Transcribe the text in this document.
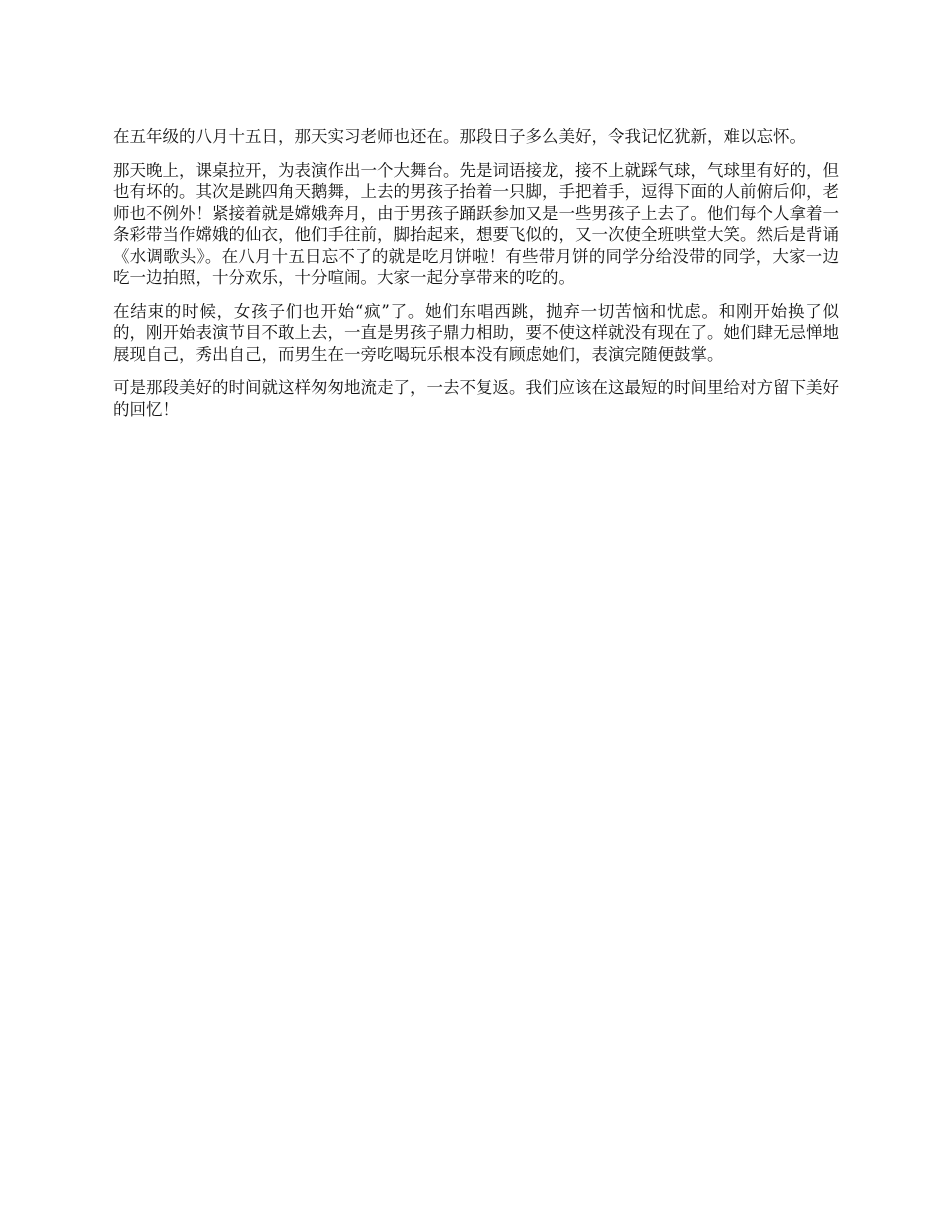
在五年级的八月十五日，那天实习老师也还在。那段日子多么美好，令我记忆犹新，难以忘怀。

那天晚上，课桌拉开，为表演作出一个大舞台。先是词语接龙，接不上就踩气球，气球里有好的，但也有坏的。其次是跳四角天鹅舞，上去的男孩子抬着一只脚，手把着手，逗得下面的人前俯后仰，老师也不例外！紧接着就是嫦娥奔月，由于男孩子踊跃参加又是一些男孩子上去了。他们每个人拿着一条彩带当作嫦娥的仙衣，他们手往前，脚抬起来，想要飞似的，又一次使全班哄堂大笑。然后是背诵《水调歌头》。在八月十五日忘不了的就是吃月饼啦！有些带月饼的同学分给没带的同学，大家一边吃一边拍照，十分欢乐，十分喧闹。大家一起分享带来的吃的。

在结束的时候，女孩子们也开始“疯”了。她们东唱西跳，抛弃一切苦恼和忧虑。和刚开始换了似的，刚开始表演节目不敢上去，一直是男孩子鼎力相助，要不使这样就没有现在了。她们肆无忌惮地展现自己，秀出自己，而男生在一旁吃喝玩乐根本没有顾虑她们，表演完随便鼓掌。

可是那段美好的时间就这样匆匆地流走了，一去不复返。我们应该在这最短的时间里给对方留下美好的回忆！
